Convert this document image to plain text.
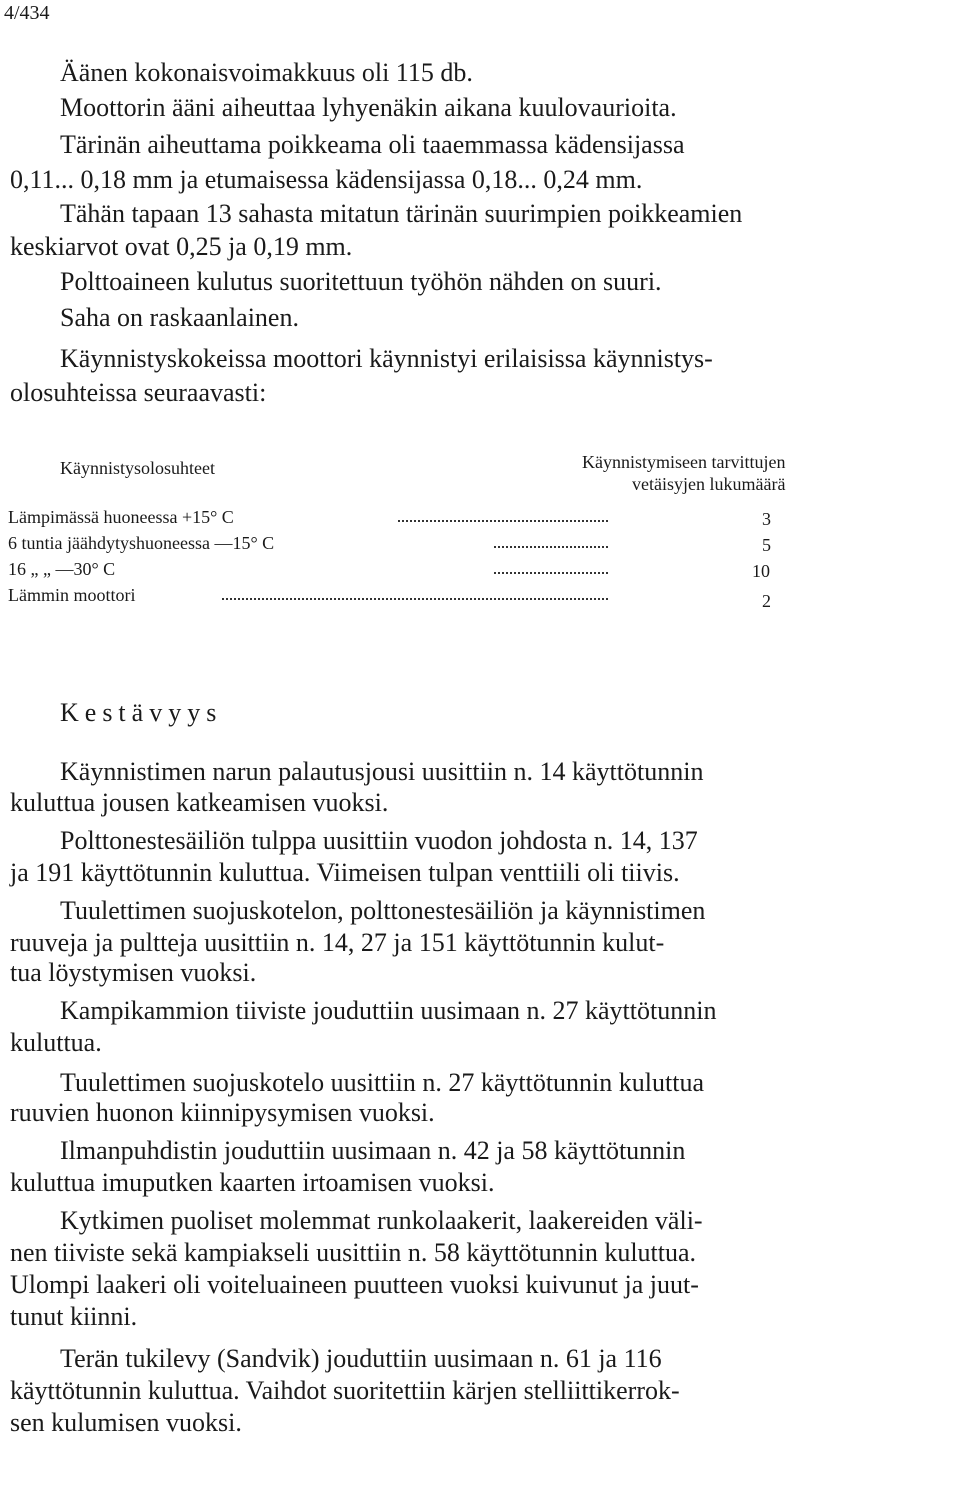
4/434
Äänen kokonaisvoimakkuus oli 115 db.
Moottorin ääni aiheuttaa lyhyenäkin aikana kuulovaurioita.
Tärinän aiheuttama poikkeama oli taaemmassa kädensijassa
0,11... 0,18 mm ja etumaisessa kädensijassa 0,18... 0,24 mm.
Tähän tapaan 13 sahasta mitatun tärinän suurimpien poikkeamien
keskiarvot ovat 0,25 ja 0,19 mm.
Polttoaineen kulutus suoritettuun työhön nähden on suuri.
Saha on raskaanlainen.
Käynnistyskokeissa moottori käynnistyi erilaisissa käynnistys-
olosuhteissa seuraavasti:
Käynnistysolosuhteet	Käynnistymiseen tarvittujen
vetäisyjen lukumäärä
Lämpimässä huoneessa +15° C	3
6 tuntia jäähdytyshuoneessa —15° C	5
16 „ „ —30° C	10
Lämmin moottori	2
Kestävyys
Käynnistimen narun palautusjousi uusittiin n. 14 käyttötunnin
kuluttua jousen katkeamisen vuoksi.
Polttonestesäiliön tulppa uusittiin vuodon johdosta n. 14, 137
ja 191 käyttötunnin kuluttua. Viimeisen tulpan venttiili oli tiivis.
Tuulettimen suojuskotelon, polttonestesäiliön ja käynnistimen
ruuveja ja pultteja uusittiin n. 14, 27 ja 151 käyttötunnin kulut-
tua löystymisen vuoksi.
Kampikammion tiiviste jouduttiin uusimaan n. 27 käyttötunnin
kuluttua.
Tuulettimen suojuskotelo uusittiin n. 27 käyttötunnin kuluttua
ruuvien huonon kiinnipysymisen vuoksi.
Ilmanpuhdistin jouduttiin uusimaan n. 42 ja 58 käyttötunnin
kuluttua imuputken kaarten irtoamisen vuoksi.
Kytkimen puoliset molemmat runkolaakerit, laakereiden väli-
nen tiiviste sekä kampiakseli uusittiin n. 58 käyttötunnin kuluttua.
Ulompi laakeri oli voiteluaineen puutteen vuoksi kuivunut ja juut-
tunut kiinni.
Terän tukilevy (Sandvik) jouduttiin uusimaan n. 61 ja 116
käyttötunnin kuluttua. Vaihdot suoritettiin kärjen stelliittikerrok-
sen kulumisen vuoksi.
